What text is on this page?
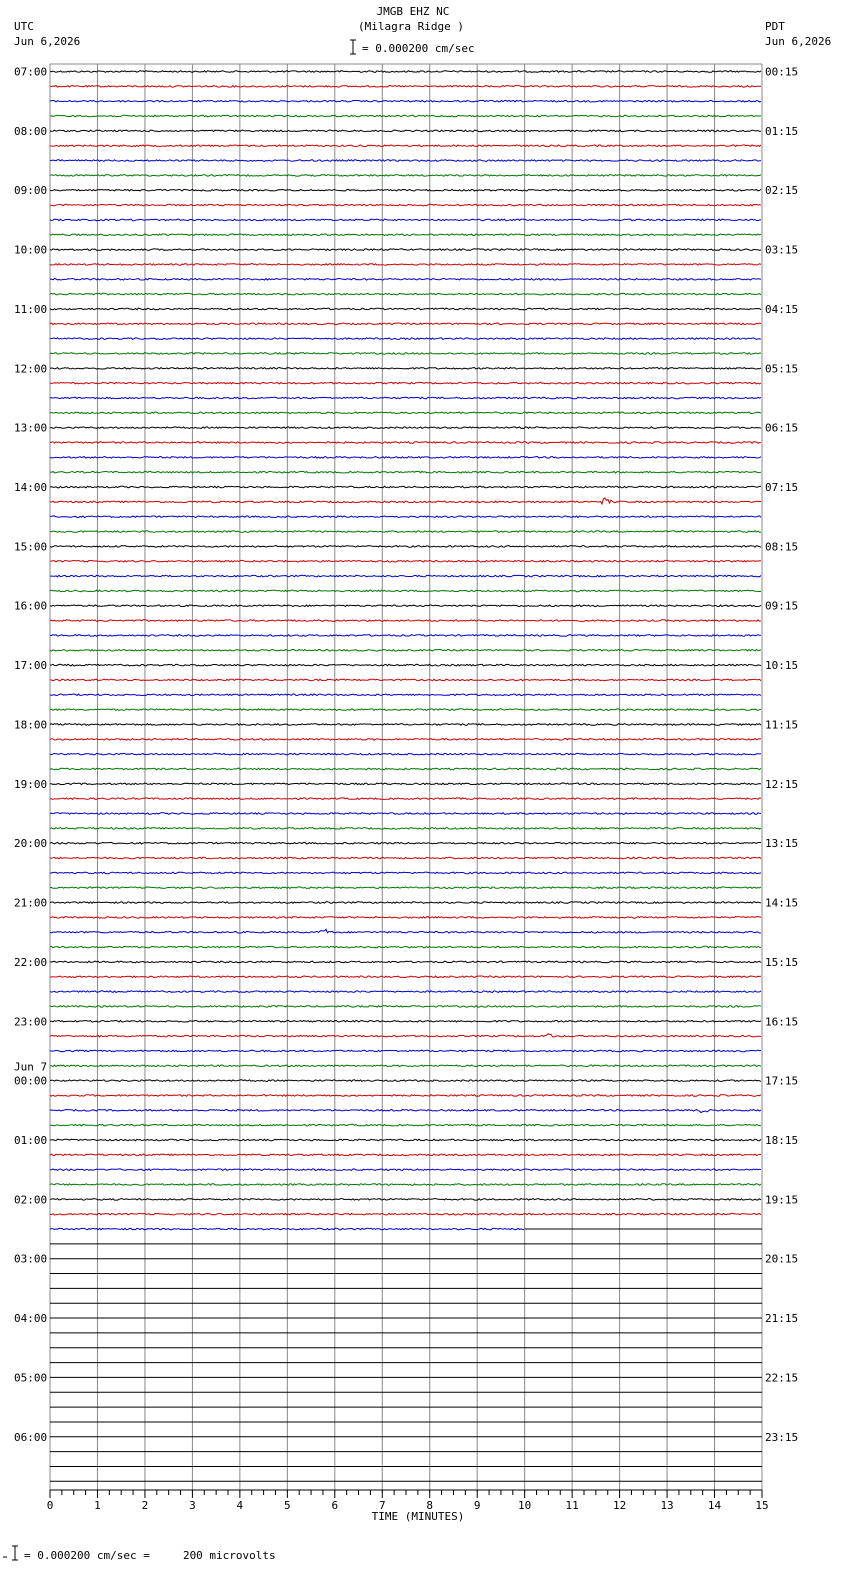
JMGB EHZ NC
(Milagra Ridge )
= 0.000200 cm/sec
UTC
Jun 6,2026
PDT
Jun 6,2026
07:00
08:00
09:00
10:00
11:00
12:00
13:00
14:00
15:00
16:00
17:00
18:00
19:00
20:00
21:00
22:00
23:00
00:00
Jun 7
01:00
02:00
03:00
04:00
05:00
06:00
00:15
01:15
02:15
03:15
04:15
05:15
06:15
07:15
08:15
09:15
10:15
11:15
12:15
13:15
14:15
15:15
16:15
17:15
18:15
19:15
20:15
21:15
22:15
23:15
0	1	2	3	4	5	6	7	8	9	10	11	12	13	14	15
TIME (MINUTES)
= 0.000200 cm/sec =     200 microvolts
